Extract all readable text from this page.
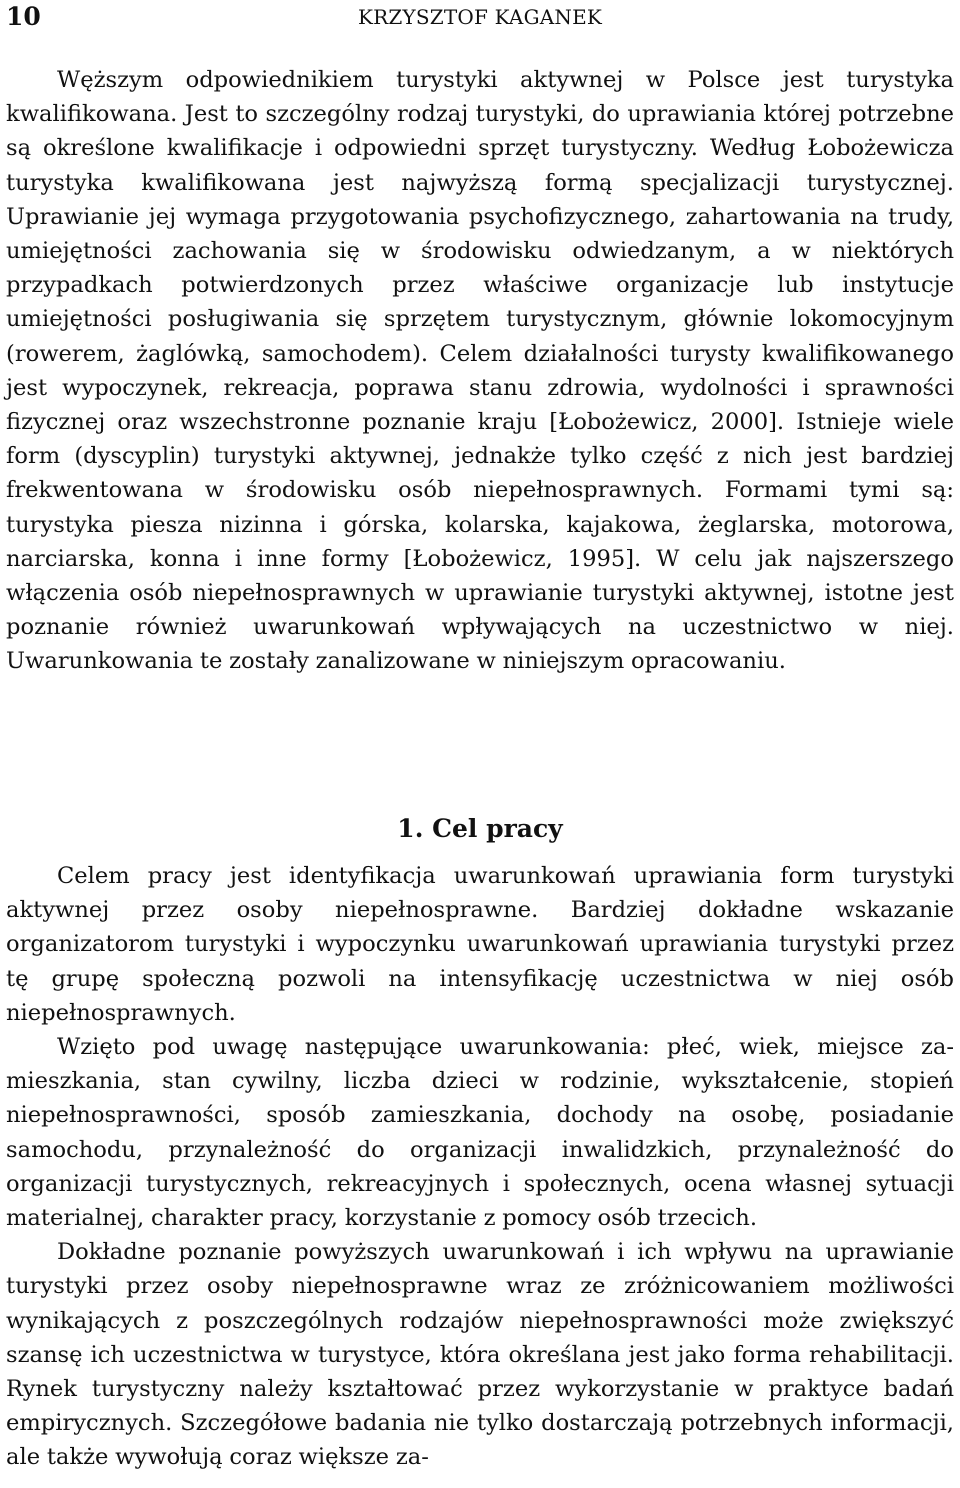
10	KRZYSZTOF KAGANEK

Węższym odpowiednikiem turystyki aktywnej w Polsce jest turystyka kwalifikowana. Jest to szczególny rodzaj turystyki, do uprawiania której potrzebne są określone kwalifikacje i odpowiedni sprzęt turystyczny. Według Łobożewicza turystyka kwalifikowana jest najwyższą formą specjalizacji turystycznej. Uprawianie jej wymaga przygotowania psychofizycznego, zahartowania na trudy, umiejętności zachowania się w środowisku odwiedzanym, a w niektórych przypadkach potwierdzonych przez właściwe organizacje lub instytucje umiejętności posługiwania się sprzętem turystycznym, głównie lokomocyjnym (rowerem, żaglówką, samochodem). Celem działalności turysty kwalifikowanego jest wypoczynek, rekreacja, poprawa stanu zdrowia, wydolności i sprawności fizycznej oraz wszechstronne poznanie kraju [Łobożewicz, 2000]. Istnieje wiele form (dyscyplin) turystyki aktywnej, jednakże tylko część z nich jest bardziej frekwentowana w środowisku osób niepełnosprawnych. Formami tymi są: turystyka piesza nizinna i górska, kolarska, kajakowa, żeglarska, motorowa, narciarska, konna i inne formy [Łobożewicz, 1995]. W celu jak najszerszego włączenia osób niepełnosprawnych w uprawianie turystyki aktywnej, istotne jest poznanie również uwarunkowań wpływających na uczestnictwo w niej. Uwarunkowania te zostały zanalizowane w niniejszym opracowaniu.

1. Cel pracy

Celem pracy jest identyfikacja uwarunkowań uprawiania form turystyki aktywnej przez osoby niepełnosprawne. Bardziej dokładne wskazanie organizatorom turystyki i wypoczynku uwarunkowań uprawiania turystyki przez tę grupę społeczną pozwoli na intensyfikację uczestnictwa w niej osób niepełnosprawnych.

Wzięto pod uwagę następujące uwarunkowania: płeć, wiek, miejsce zamieszkania, stan cywilny, liczba dzieci w rodzinie, wykształcenie, stopień niepełnosprawności, sposób zamieszkania, dochody na osobę, posiadanie samochodu, przynależność do organizacji inwalidzkich, przynależność do organizacji turystycznych, rekreacyjnych i społecznych, ocena własnej sytuacji materialnej, charakter pracy, korzystanie z pomocy osób trzecich.

Dokładne poznanie powyższych uwarunkowań i ich wpływu na uprawianie turystyki przez osoby niepełnosprawne wraz ze zróżnicowaniem możliwości wynikających z poszczególnych rodzajów niepełnosprawności może zwiększyć szansę ich uczestnictwa w turystyce, która określana jest jako forma rehabilitacji. Rynek turystyczny należy kształtować przez wykorzystanie w praktyce badań empirycznych. Szczegółowe badania nie tylko dostarczają potrzebnych informacji, ale także wywołują coraz większe za-
